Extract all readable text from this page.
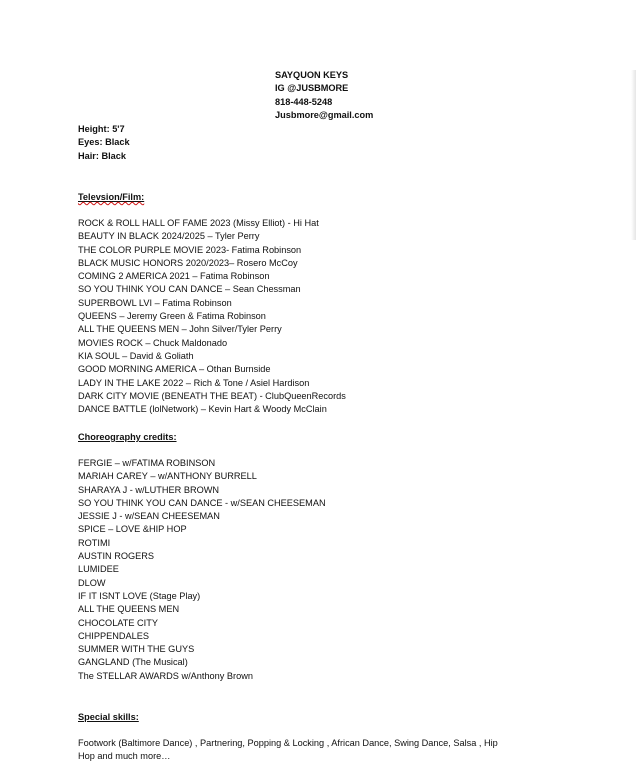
SAYQUON KEYS
IG @JUSBMORE
818-448-5248
Jusbmore@gmail.com
Height: 5'7
Eyes: Black
Hair: Black
Televsion/Film:
ROCK & ROLL HALL OF FAME 2023 (Missy Elliot) - Hi Hat
BEAUTY IN BLACK 2024/2025 – Tyler Perry
THE COLOR PURPLE MOVIE 2023- Fatima Robinson
BLACK MUSIC HONORS 2020/2023– Rosero McCoy
COMING 2 AMERICA 2021 – Fatima Robinson
SO YOU THINK YOU CAN DANCE – Sean Chessman
SUPERBOWL LVI – Fatima Robinson
QUEENS – Jeremy Green & Fatima Robinson
ALL THE QUEENS MEN – John Silver/Tyler Perry
MOVIES ROCK – Chuck Maldonado
KIA SOUL – David & Goliath
GOOD MORNING AMERICA – Othan Burnside
LADY IN THE LAKE 2022 – Rich & Tone / Asiel Hardison
DARK CITY MOVIE (BENEATH THE BEAT) - ClubQueenRecords
DANCE BATTLE (lolNetwork) – Kevin Hart & Woody McClain
Choreography credits:
FERGIE – w/FATIMA ROBINSON
MARIAH CAREY – w/ANTHONY BURRELL
SHARAYA J - w/LUTHER BROWN
SO YOU THINK YOU CAN DANCE - w/SEAN CHEESEMAN
JESSIE J - w/SEAN CHEESEMAN
SPICE – LOVE &HIP HOP
ROTIMI
AUSTIN ROGERS
LUMIDEE
DLOW
IF IT ISNT LOVE (Stage Play)
ALL THE QUEENS MEN
CHOCOLATE CITY
CHIPPENDALES
SUMMER WITH THE GUYS
GANGLAND (The Musical)
The STELLAR AWARDS w/Anthony Brown
Special skills:
Footwork (Baltimore Dance) , Partnering, Popping & Locking , African Dance, Swing Dance, Salsa , Hip Hop and much more…
